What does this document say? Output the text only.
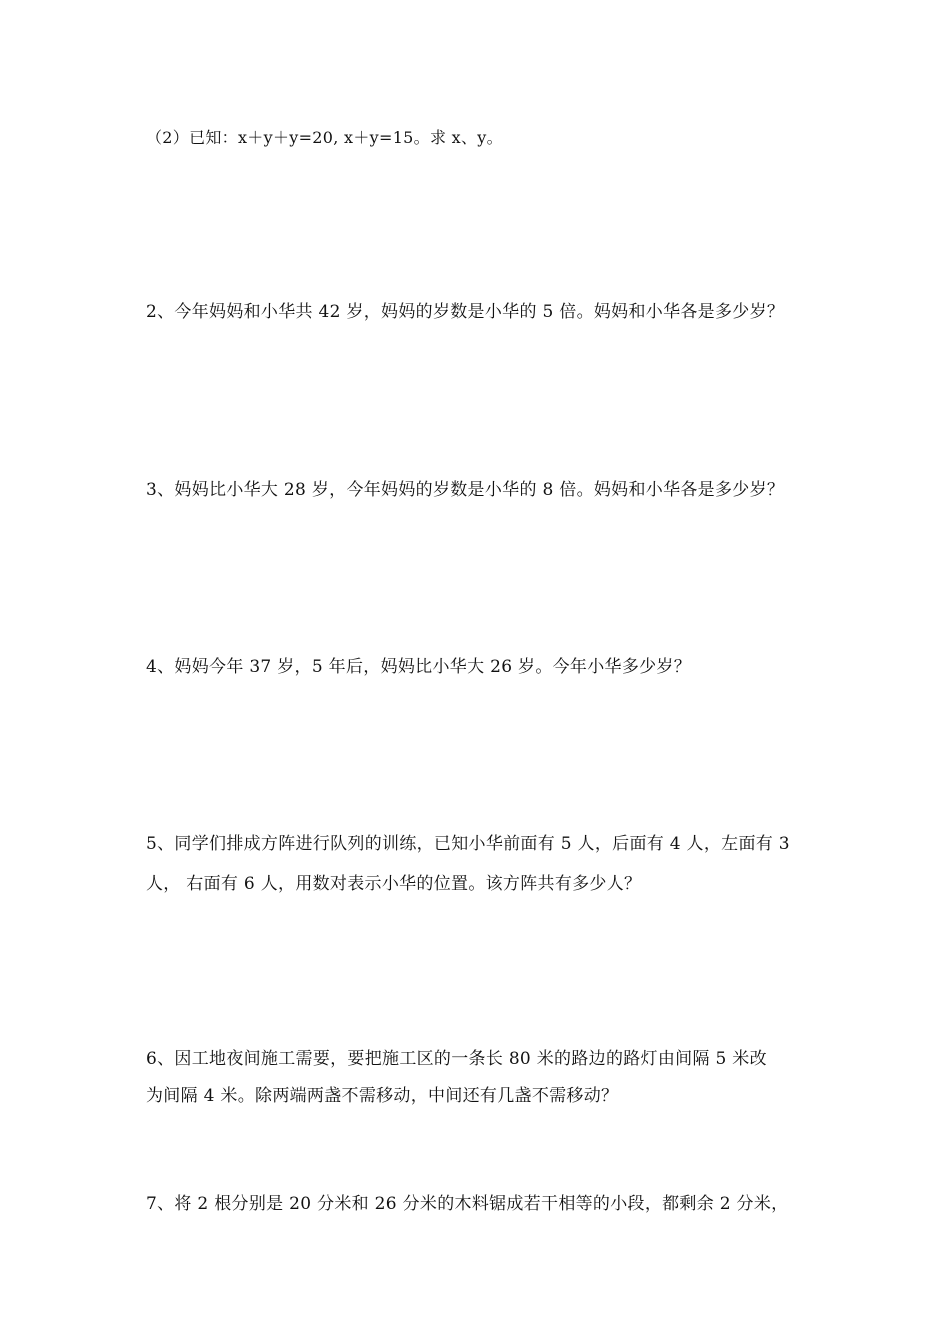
（2）已知：x＋y＋y=20, x＋y=15。求 x、y。
2、今年妈妈和小华共 42 岁，妈妈的岁数是小华的 5 倍。妈妈和小华各是多少岁？
3、妈妈比小华大 28 岁，今年妈妈的岁数是小华的 8 倍。妈妈和小华各是多少岁？
4、妈妈今年 37 岁，5 年后，妈妈比小华大 26 岁。今年小华多少岁？
5、同学们排成方阵进行队列的训练，已知小华前面有 5 人，后面有 4 人，左面有 3
人， 右面有 6 人，用数对表示小华的位置。该方阵共有多少人？
6、因工地夜间施工需要，要把施工区的一条长 80 米的路边的路灯由间隔 5 米改
为间隔 4 米。除两端两盏不需移动，中间还有几盏不需移动？
7、将 2 根分别是 20 分米和 26 分米的木料锯成若干相等的小段，都剩余 2 分米，
